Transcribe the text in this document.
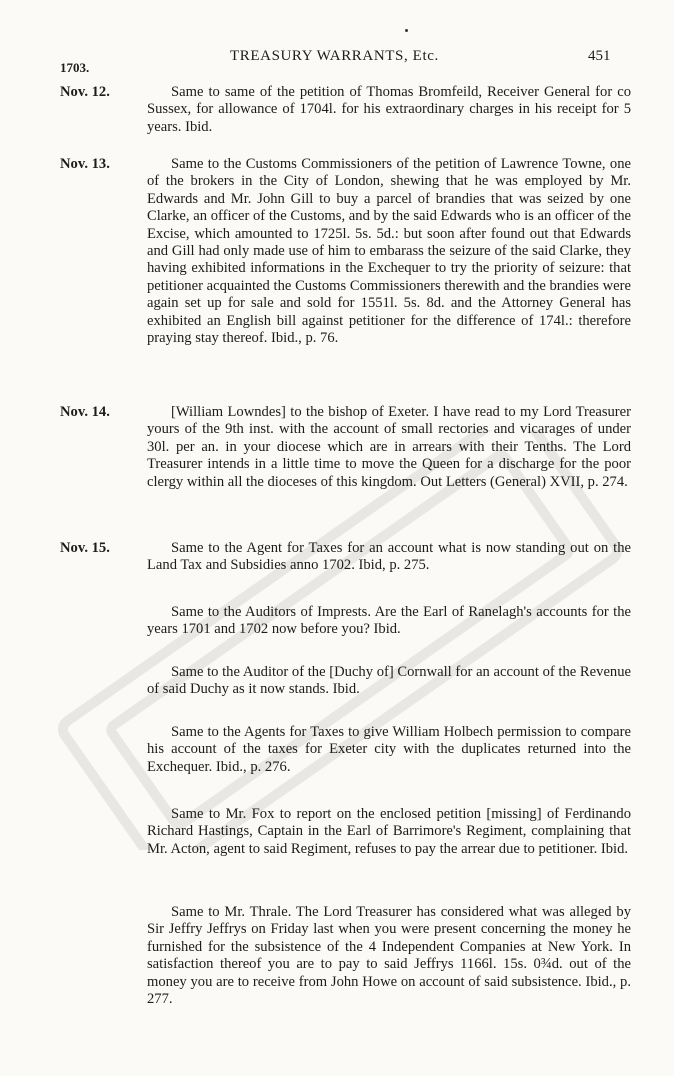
1703.
TREASURY WARRANTS, Etc.	451
Nov. 12.	Same to same of the petition of Thomas Bromfeild, Receiver General for co Sussex, for allowance of 1704l. for his extraordinary charges in his receipt for 5 years. Ibid.
Nov. 13.	Same to the Customs Commissioners of the petition of Lawrence Towne, one of the brokers in the City of London, shewing that he was employed by Mr. Edwards and Mr. John Gill to buy a parcel of brandies that was seized by one Clarke, an officer of the Customs, and by the said Edwards who is an officer of the Excise, which amounted to 1725l. 5s. 5d.: but soon after found out that Edwards and Gill had only made use of him to embarass the seizure of the said Clarke, they having exhibited informations in the Exchequer to try the priority of seizure: that petitioner acquainted the Customs Commissioners therewith and the brandies were again set up for sale and sold for 1551l. 5s. 8d. and the Attorney General has exhibited an English bill against petitioner for the difference of 174l.: therefore praying stay thereof. Ibid., p. 76.
Nov. 14.	[William Lowndes] to the bishop of Exeter. I have read to my Lord Treasurer yours of the 9th inst. with the account of small rectories and vicarages of under 30l. per an. in your diocese which are in arrears with their Tenths. The Lord Treasurer intends in a little time to move the Queen for a discharge for the poor clergy within all the dioceses of this kingdom. Out Letters (General) XVII, p. 274.
Nov. 15.	Same to the Agent for Taxes for an account what is now standing out on the Land Tax and Subsidies anno 1702. Ibid, p. 275.
Same to the Auditors of Imprests. Are the Earl of Ranelagh's accounts for the years 1701 and 1702 now before you? Ibid.
Same to the Auditor of the [Duchy of] Cornwall for an account of the Revenue of said Duchy as it now stands. Ibid.
Same to the Agents for Taxes to give William Holbech permission to compare his account of the taxes for Exeter city with the duplicates returned into the Exchequer. Ibid., p. 276.
Same to Mr. Fox to report on the enclosed petition [missing] of Ferdinando Richard Hastings, Captain in the Earl of Barrimore's Regiment, complaining that Mr. Acton, agent to said Regiment, refuses to pay the arrear due to petitioner. Ibid.
Same to Mr. Thrale. The Lord Treasurer has considered what was alleged by Sir Jeffry Jeffrys on Friday last when you were present concerning the money he furnished for the subsistence of the 4 Independent Companies at New York. In satisfaction thereof you are to pay to said Jeffrys 1166l. 15s. 0¾d. out of the money you are to receive from John Howe on account of said subsistence. Ibid., p. 277.
